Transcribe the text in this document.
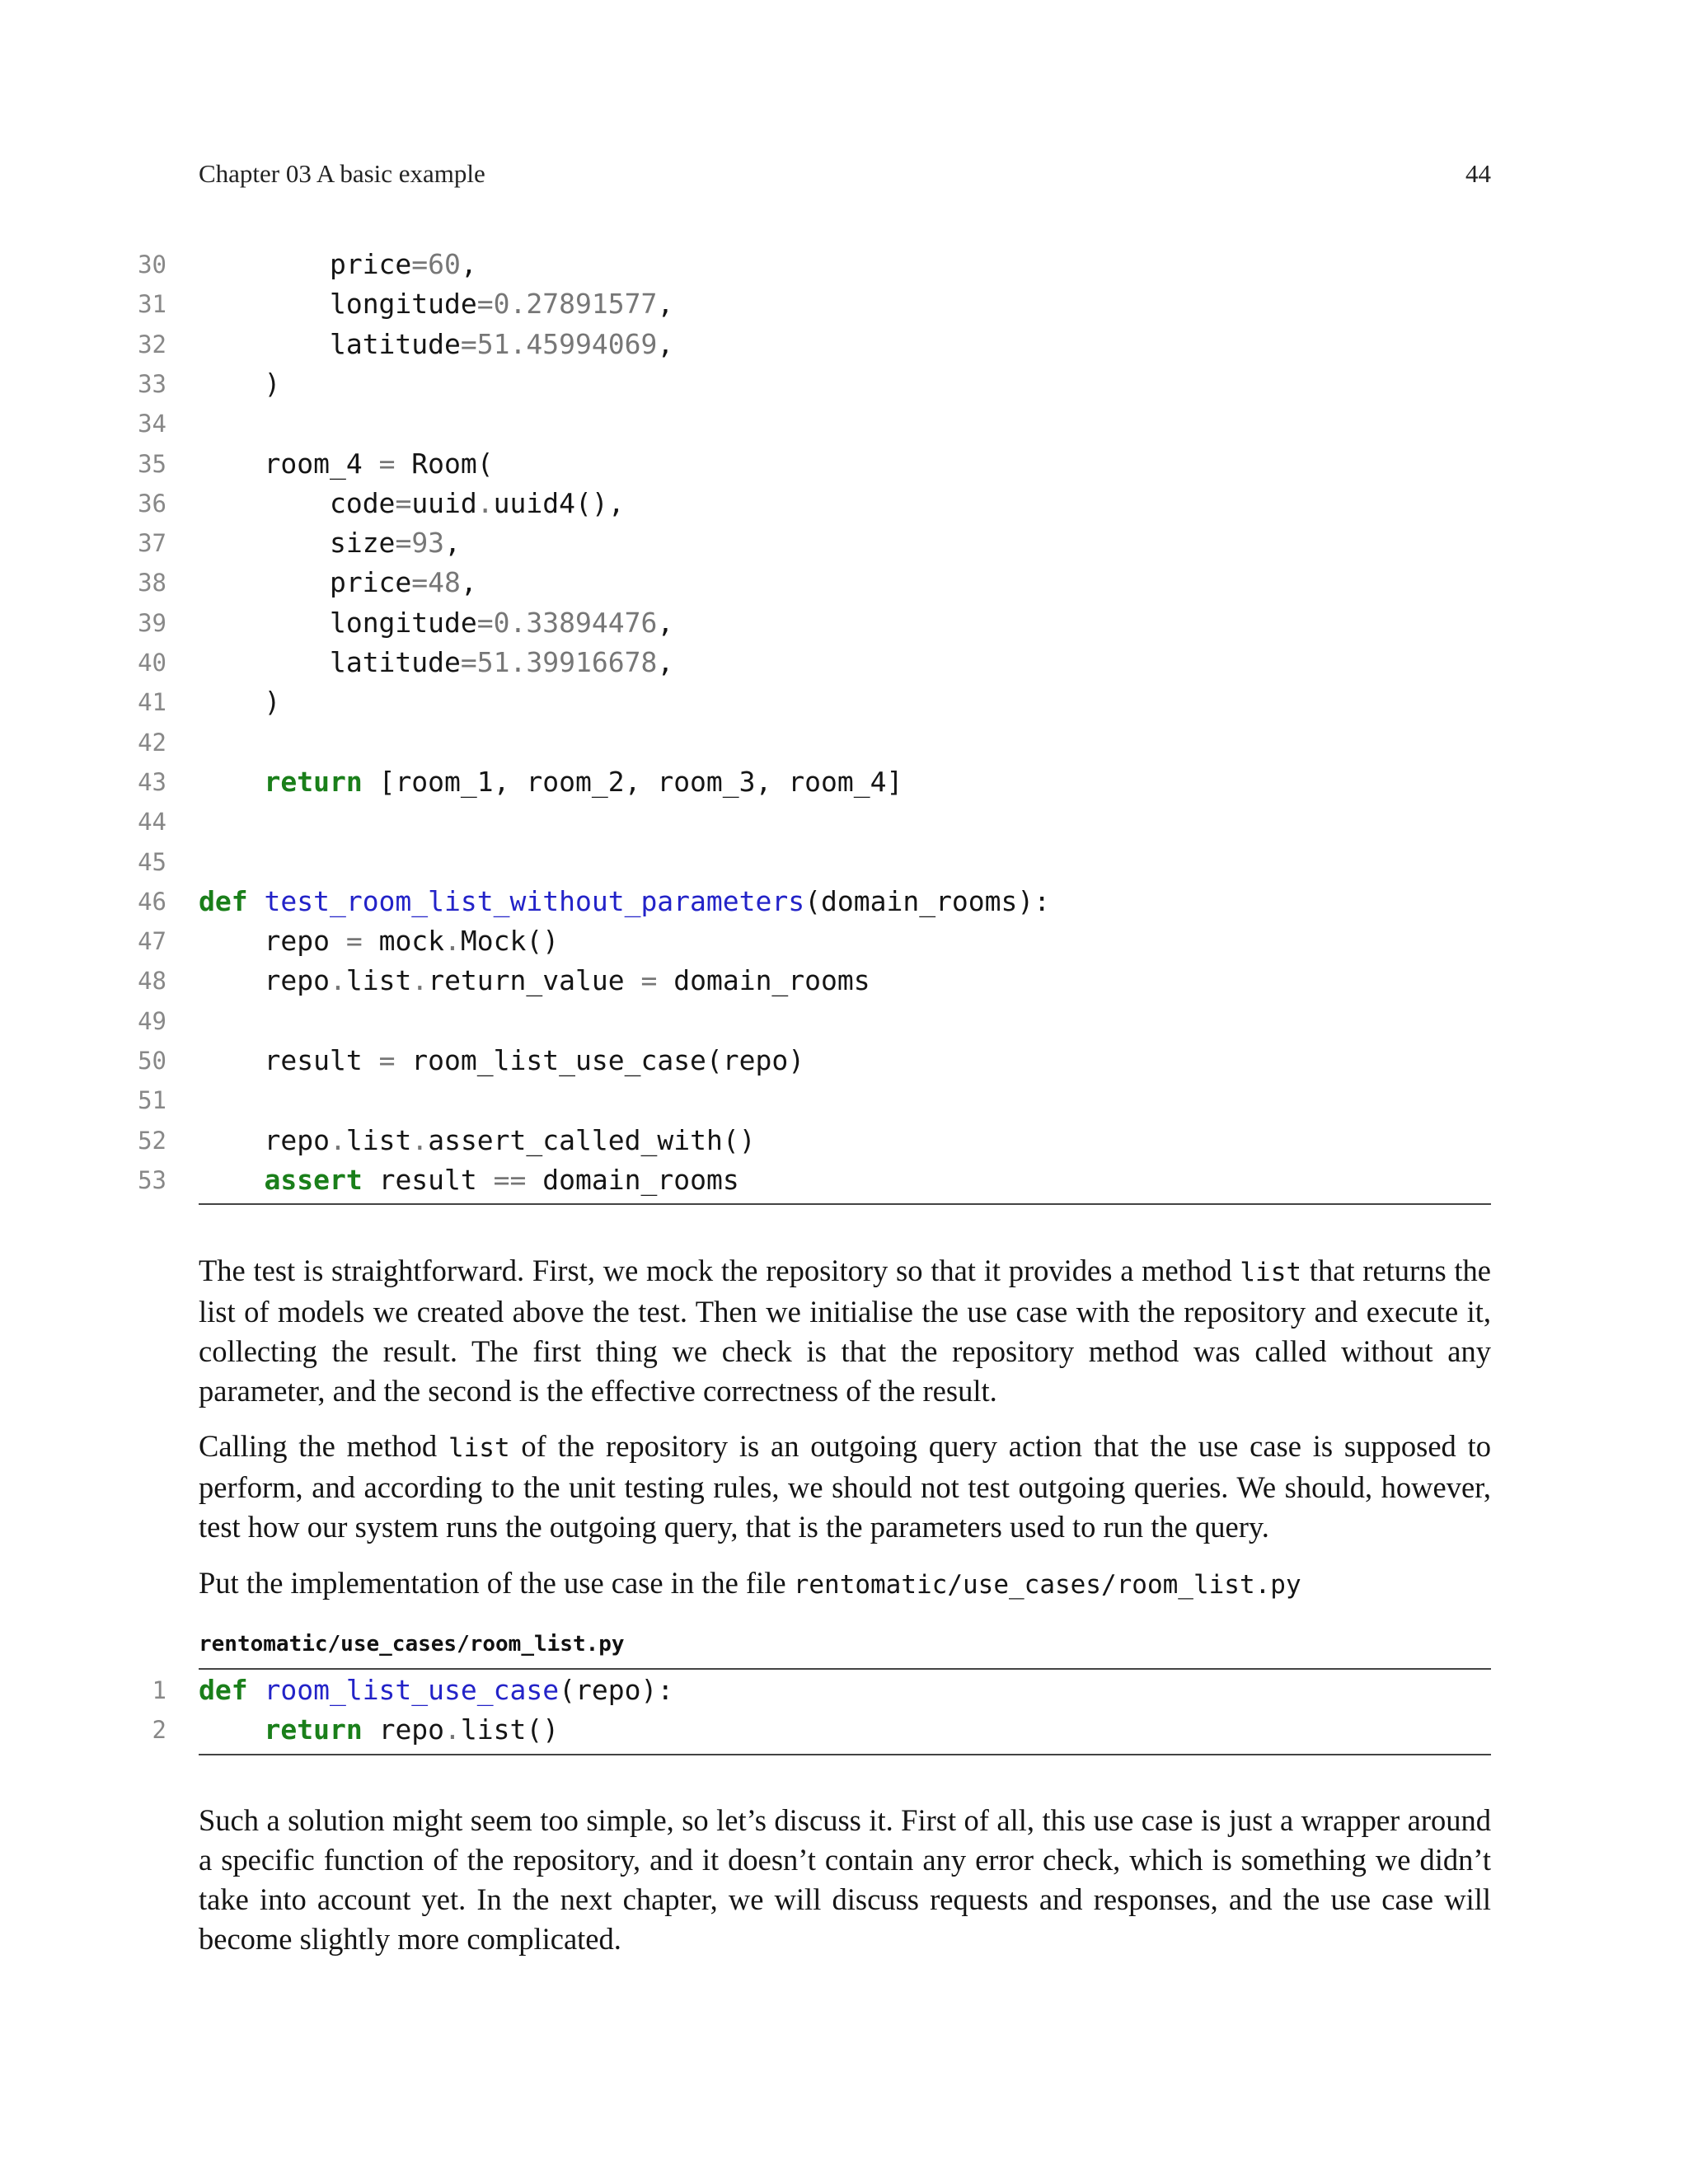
Chapter 03 A basic example	44
30	price=60,
31	longitude=0.27891577,
32	latitude=51.45994069,
33	)
34
35	room_4 = Room(
36	code=uuid.uuid4(),
37	size=93,
38	price=48,
39	longitude=0.33894476,
40	latitude=51.39916678,
41	)
42
43	return [room_1, room_2, room_3, room_4]
44
45
46 def test_room_list_without_parameters(domain_rooms):
47	repo = mock.Mock()
48	repo.list.return_value = domain_rooms
49
50	result = room_list_use_case(repo)
51
52	repo.list.assert_called_with()
53	assert result == domain_rooms

The test is straightforward. First, we mock the repository so that it provides a method list that returns the list of models we created above the test. Then we initialise the use case with the repository and execute it, collecting the result. The first thing we check is that the repository method was called without any parameter, and the second is the effective correctness of the result.

Calling the method list of the repository is an outgoing query action that the use case is supposed to perform, and according to the unit testing rules, we should not test outgoing queries. We should, however, test how our system runs the outgoing query, that is the parameters used to run the query.

Put the implementation of the use case in the file rentomatic/use_cases/room_list.py

rentomatic/use_cases/room_list.py
1 def room_list_use_case(repo):
2	return repo.list()

Such a solution might seem too simple, so let’s discuss it. First of all, this use case is just a wrapper around a specific function of the repository, and it doesn’t contain any error check, which is something we didn’t take into account yet. In the next chapter, we will discuss requests and responses, and the use case will become slightly more complicated.
